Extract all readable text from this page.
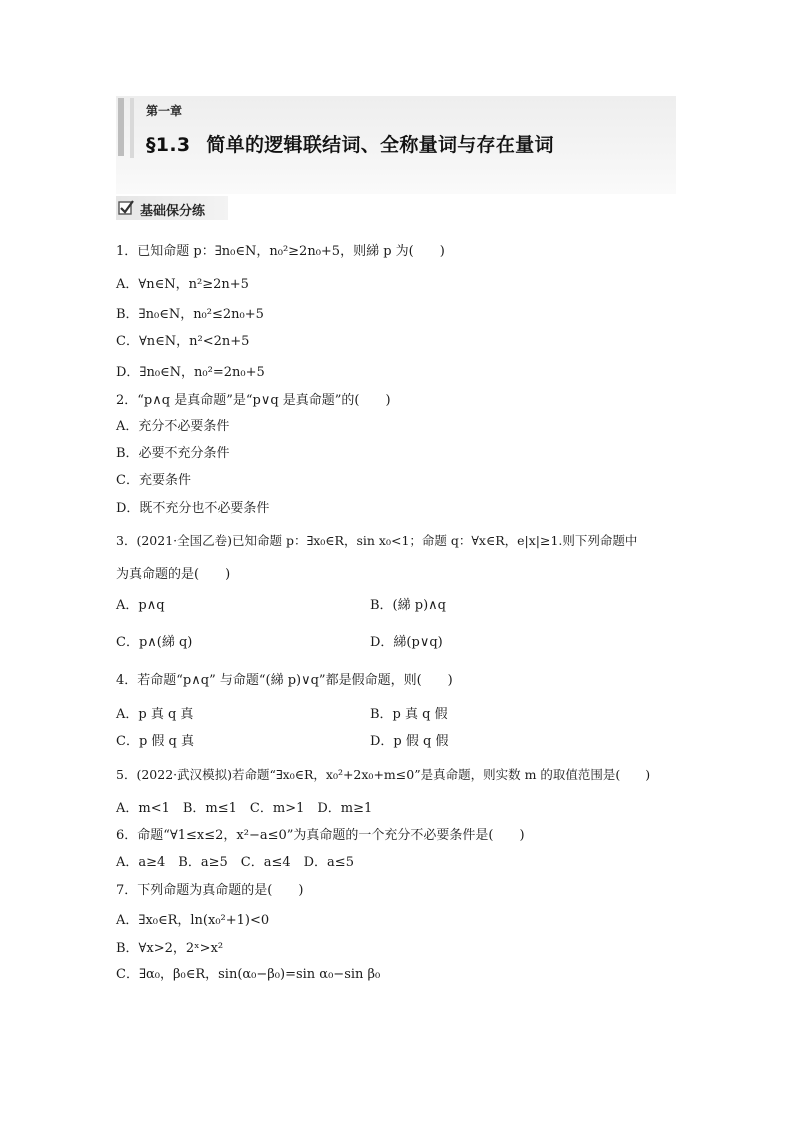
第一章
§1.3 简单的逻辑联结词、全称量词与存在量词
基础保分练
1．已知命题 p：∃n₀∈N，n₀²≥2n₀+5，则綈 p 为(　　)
A．∀n∈N，n²≥2n+5
B．∃n₀∈N，n₀²≤2n₀+5
C．∀n∈N，n²<2n+5
D．∃n₀∈N，n₀²=2n₀+5
2．“p∧q 是真命题”是“p∨q 是真命题”的(　　)
A．充分不必要条件
B．必要不充分条件
C．充要条件
D．既不充分也不必要条件
3．(2021·全国乙卷)已知命题 p：∃x₀∈R，sin x₀<1；命题 q：∀x∈R，e|x|≥1.则下列命题中
为真命题的是(　　)
A．p∧q	B．(綈 p)∧q
C．p∧(綈 q)	D．綈(p∨q)
4．若命题“p∧q” 与命题“(綈 p)∨q”都是假命题，则(　　)
A．p 真 q 真	B．p 真 q 假
C．p 假 q 真	D．p 假 q 假
5．(2022·武汉模拟)若命题“∃x₀∈R，x₀²+2x₀+m≤0”是真命题，则实数 m 的取值范围是(　　)
A．m<1　B．m≤1　C．m>1　D．m≥1
6．命题“∀1≤x≤2，x²−a≤0”为真命题的一个充分不必要条件是(　　)
A．a≥4　B．a≥5　C．a≤4　D．a≤5
7．下列命题为真命题的是(　　)
A．∃x₀∈R，ln(x₀²+1)<0
B．∀x>2，2ˣ>x²
C．∃α₀，β₀∈R，sin(α₀−β₀)=sin α₀−sin β₀
